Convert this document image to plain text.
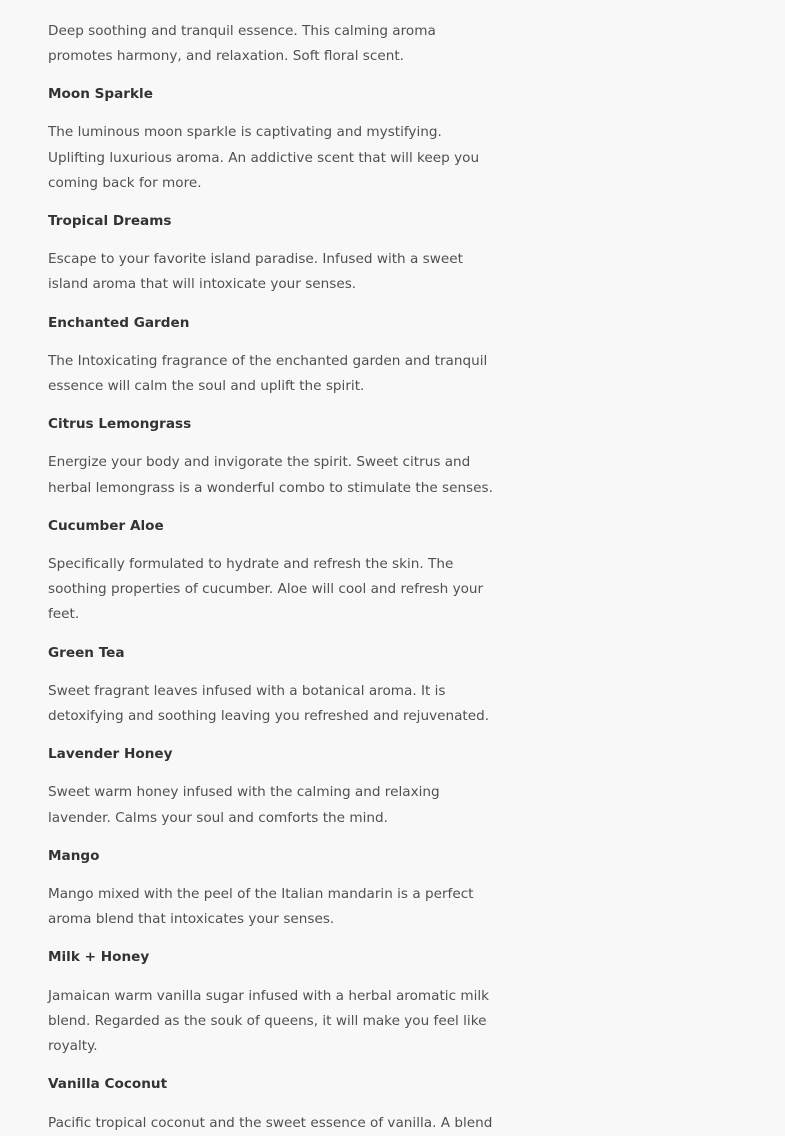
Deep soothing and tranquil essence. This calming aroma promotes harmony, and relaxation. Soft floral scent.

Moon Sparkle

The luminous moon sparkle is captivating and mystifying. Uplifting luxurious aroma. An addictive scent that will keep you coming back for more.

Tropical Dreams

Escape to your favorite island paradise. Infused with a sweet island aroma that will intoxicate your senses.

Enchanted Garden

The Intoxicating fragrance of the enchanted garden and tranquil essence will calm the soul and uplift the spirit.

Citrus Lemongrass

Energize your body and invigorate the spirit. Sweet citrus and herbal lemongrass is a wonderful combo to stimulate the senses.

Cucumber Aloe

Specifically formulated to hydrate and refresh the skin. The soothing properties of cucumber. Aloe will cool and refresh your feet.

Green Tea

Sweet fragrant leaves infused with a botanical aroma. It is detoxifying and soothing leaving you refreshed and rejuvenated.

Lavender Honey

Sweet warm honey infused with the calming and relaxing lavender. Calms your soul and comforts the mind.

Mango

Mango mixed with the peel of the Italian mandarin is a perfect aroma blend that intoxicates your senses.

Milk + Honey

Jamaican warm vanilla sugar infused with a herbal aromatic milk blend. Regarded as the souk of queens, it will make you feel like royalty.

Vanilla Coconut

Pacific tropical coconut and the sweet essence of vanilla. A blend
